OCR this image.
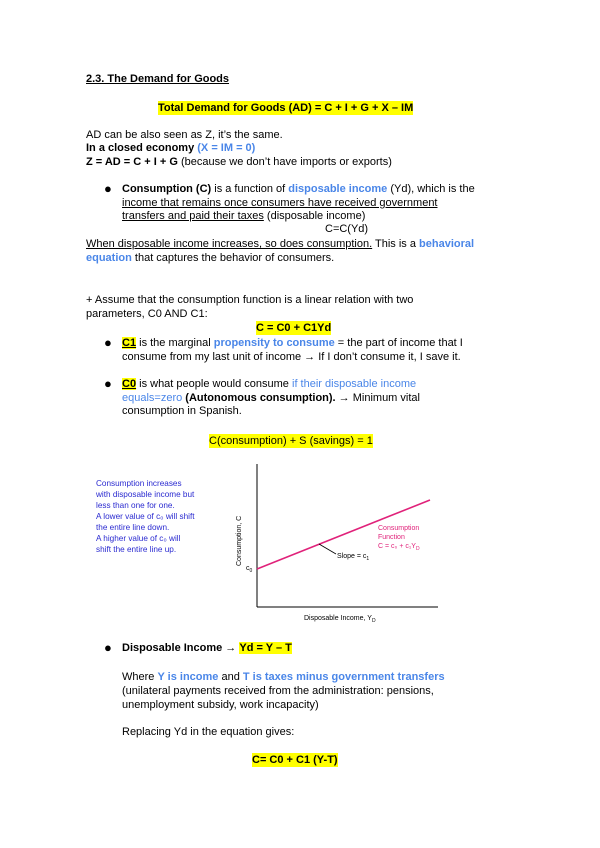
2.3. The Demand for Goods
Total Demand for Goods (AD) = C + I + G + X – IM
AD can be also seen as Z, it’s the same.
In a closed economy (X = IM = 0)
Z = AD = C + I + G (because we don’t have imports or exports)
● Consumption (C) is a function of disposable income (Yd), which is the
income that remains once consumers have received government
transfers and paid their taxes (disposable income)
C=C(Yd)
When disposable income increases, so does consumption. This is a behavioral
equation that captures the behavior of consumers.
+ Assume that the consumption function is a linear relation with two
parameters, C0 AND C1:
C = C0 + C1Yd
● C1 is the marginal propensity to consume = the part of income that I
consume from my last unit of income → If I don’t consume it, I save it.
● C0 is what people would consume if their disposable income
equals=zero (Autonomous consumption). → Minimum vital
consumption in Spanish.
C(consumption) + S (savings) = 1
Consumption increases
with disposable income but
less than one for one.
A lower value of c₀ will shift
the entire line down.
A higher value of c₀ will
shift the entire line up.	Consumption, C
Disposable Income, $Y_D$
$c_0$
Slope = $c_1$
Consumption
Function
$C = c_0 + c_1Y_D$
● Disposable Income → Yd = Y – T
Where Y is income and T is taxes minus government transfers
(unilateral payments received from the administration: pensions,
unemployment subsidy, work incapacity)
Replacing Yd in the equation gives:
C= C0 + C1 (Y-T)
